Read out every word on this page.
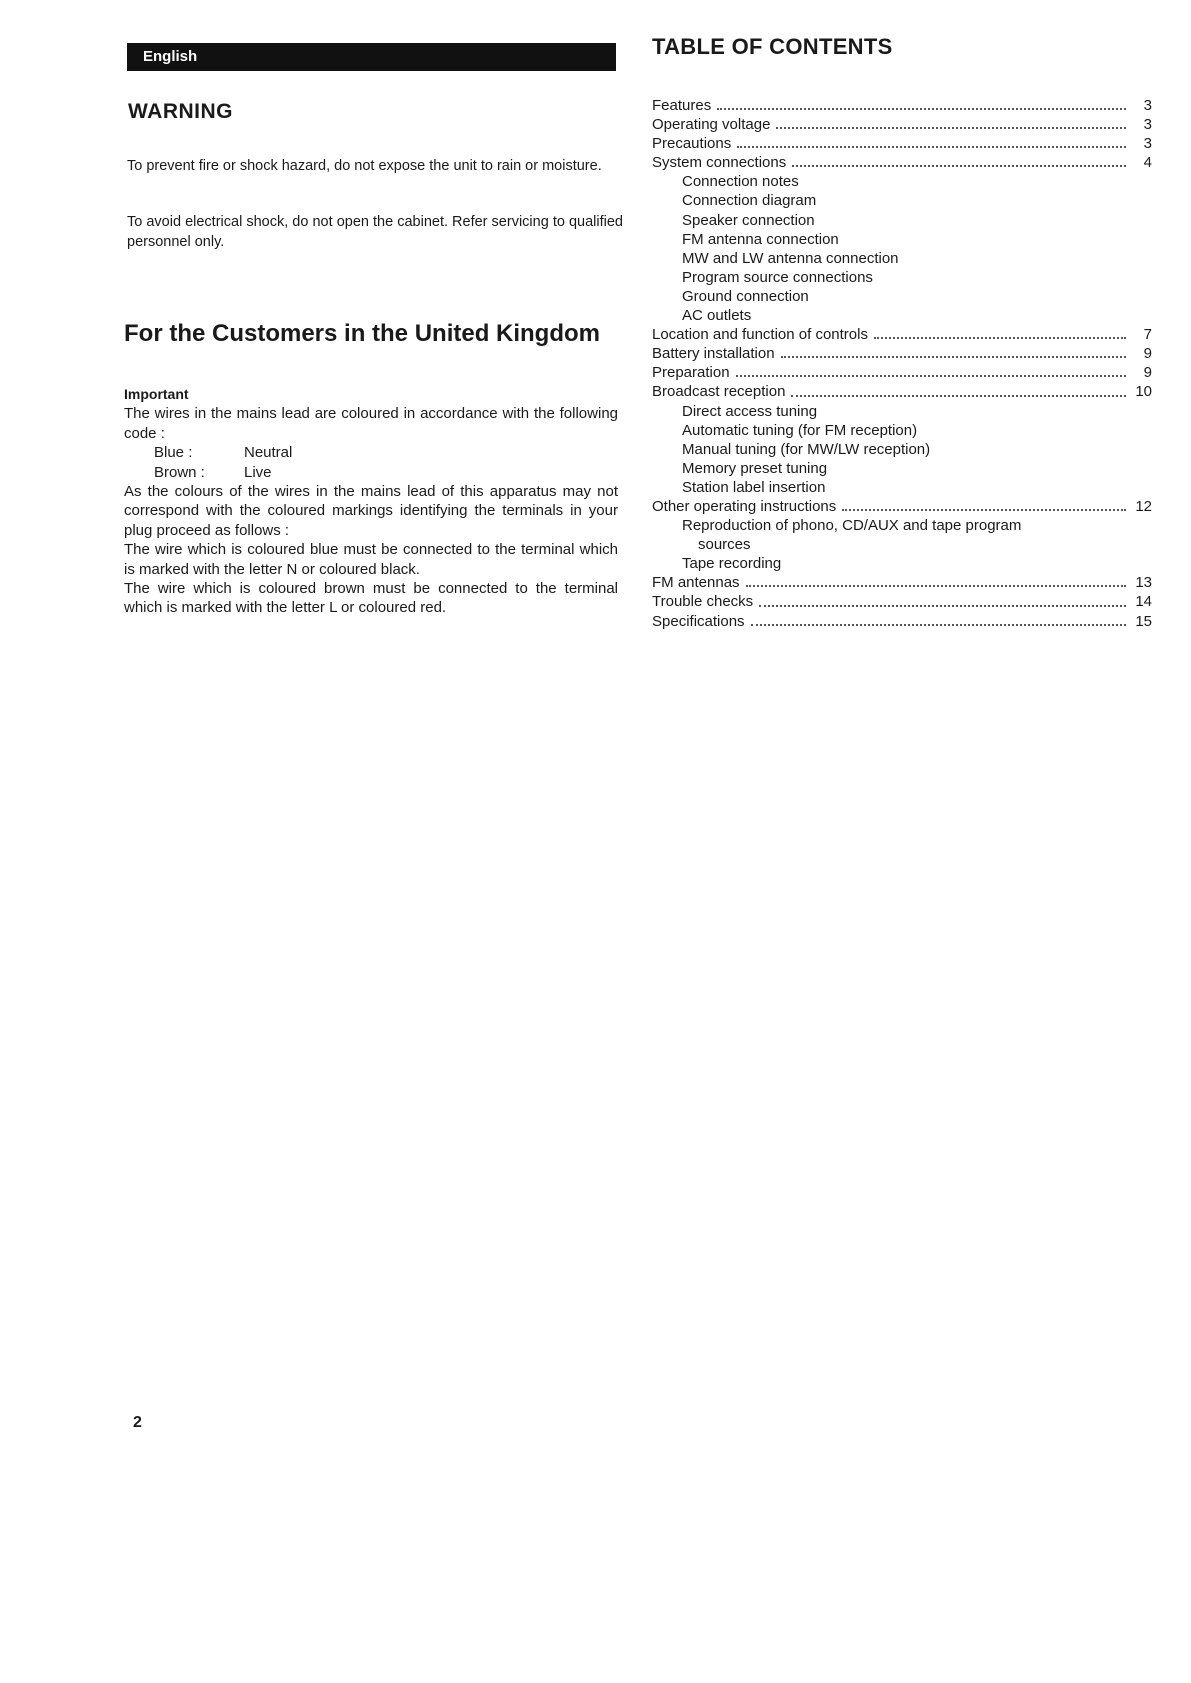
English
WARNING

To prevent fire or shock hazard, do not expose the unit to rain or moisture.

To avoid electrical shock, do not open the cabinet. Refer servicing to qualified personnel only.

For the Customers in the United Kingdom
Important

The wires in the mains lead are coloured in accordance with the following code :

Blue :	Neutral
Brown :	Live

As the colours of the wires in the mains lead of this apparatus may not correspond with the coloured markings identifying the terminals in your plug proceed as follows :

The wire which is coloured blue must be connected to the terminal which is marked with the letter N or coloured black.

The wire which is coloured brown must be connected to the terminal which is marked with the letter L or coloured red.

TABLE OF CONTENTS
Features	3
Operating voltage	3
Precautions	3
System connections	4
Connection notes
Connection diagram
Speaker connection
FM antenna connection
MW and LW antenna connection
Program source connections
Ground connection
AC outlets
Location and function of controls	7
Battery installation	9
Preparation	9
Broadcast reception	10
Direct access tuning
Automatic tuning (for FM reception)
Manual tuning (for MW/LW reception)
Memory preset tuning
Station label insertion
Other operating instructions	12
Reproduction of phono, CD/AUX and tape program
sources
Tape recording
FM antennas	13
Trouble checks	14
Specifications	15
2
